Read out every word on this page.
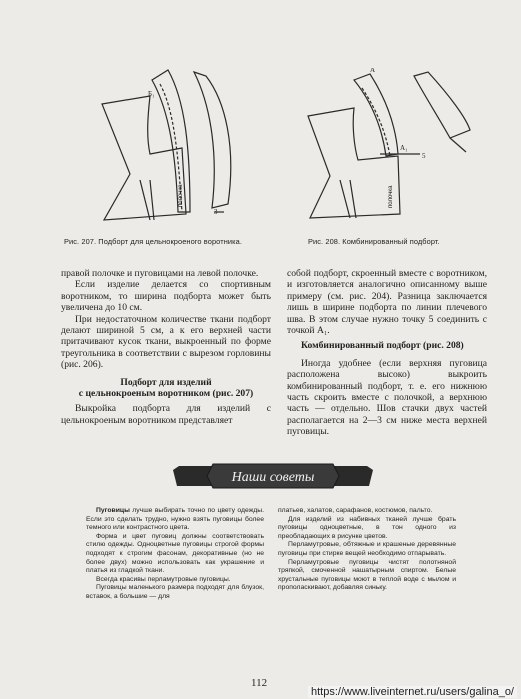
Б₁
3
полочка
Рис. 207. Подборт для цельнокроеного воротника.
А
А₁
5
полочка
Рис. 208. Комбинированный подборт.

правой полочке и пуговицами на левой полочке.

Если изделие делается со спортивным воротником, то ширина подборта может быть увеличена до 10 см.

При недостаточном количестве ткани подборт делают шириной 5 см, а к его верхней части притачивают кусок ткани, выкроенный по форме треугольника в соответствии с вырезом горловины (рис. 206).

Подборт для изделий

с цельнокроеным воротником (рис. 207)

Выкройка подборта для изделий с цельнокроеным воротником представляет

собой подборт, скроенный вместе с воротником, и изготовляется аналогично описанному выше примеру (см. рис. 204). Разница заключается лишь в ширине подборта по линии плечевого шва. В этом случае нужно точку 5 соединить с точкой А₁.

Комбинированный подборт (рис. 208)

Иногда удобнее (если верхняя пуговица расположена высоко) выкроить комбинированный подборт, т. е. его нижнюю часть скроить вместе с полочкой, а верхнюю часть — отдельно. Шов стачки двух частей располагается на 2—3 см ниже места верхней пуговицы.

Наши советы

Пуговицы лучше выбирать точно по цвету одежды. Если это сделать трудно, нужно взять пуговицы более темного или контрастного цвета.

Форма и цвет пуговиц должны соответствовать стилю одежды. Одноцветные пуговицы строгой формы подходят к строгим фасонам, декоративные (но не более двух) можно использовать как украшение и платья из гладкой ткани.

Всегда красивы перламутровые пуговицы.

Пуговицы маленького размера подходят для блузок, вставок, а большие — для

платьев, халатов, сарафанов, костюмов, пальто.

Для изделий из набивных тканей лучше брать пуговицы одноцветные, в тон одного из преобладающих в рисунке цветов.

Перламутровые, обтяжные и крашеные деревянные пуговицы при стирке вещей необходимо отпарывать.

Перламутровые пуговицы чистят полотняной тряпкой, смоченной нашатырным спиртом. Белые хрустальные пуговицы моют в теплой воде с мылом и прополаскивают, добавляя синьку.

112
https://www.liveinternet.ru/users/galina_o/
